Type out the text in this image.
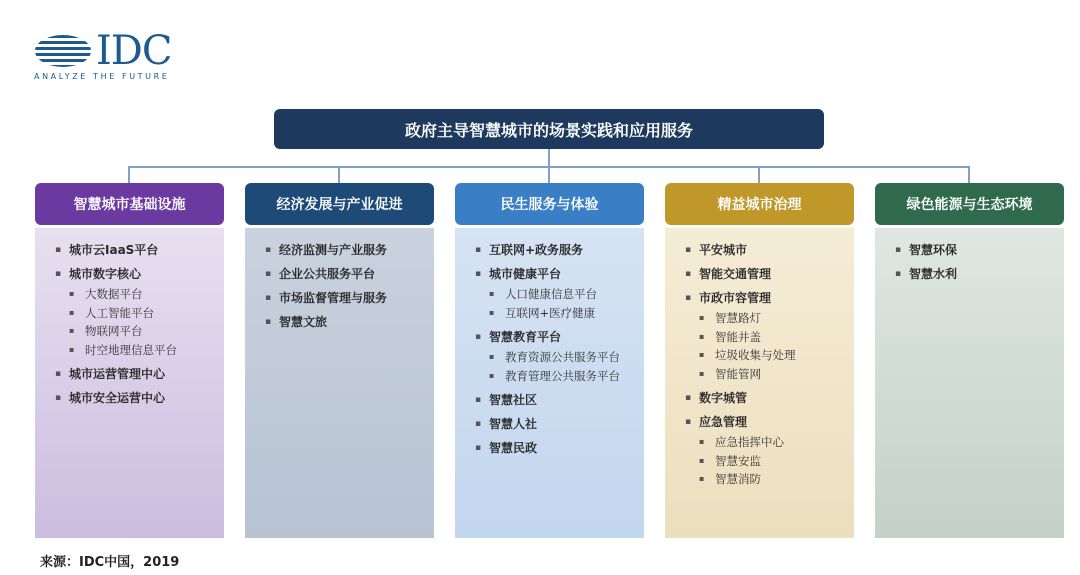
IDC
ANALYZE THE FUTURE
政府主导智慧城市的场景实践和应用服务
智慧城市基础设施
▪ 城市云IaaS平台
▪ 城市数字核心
▪ 大数据平台
▪ 人工智能平台
▪ 物联网平台
▪ 时空地理信息平台
▪ 城市运营管理中心
▪ 城市安全运营中心
经济发展与产业促进
▪ 经济监测与产业服务
▪ 企业公共服务平台
▪ 市场监督管理与服务
▪ 智慧文旅
民生服务与体验
▪ 互联网+政务服务
▪ 城市健康平台
▪ 人口健康信息平台
▪ 互联网+医疗健康
▪ 智慧教育平台
▪ 教育资源公共服务平台
▪ 教育管理公共服务平台
▪ 智慧社区
▪ 智慧人社
▪ 智慧民政
精益城市治理
▪ 平安城市
▪ 智能交通管理
▪ 市政市容管理
▪ 智慧路灯
▪ 智能井盖
▪ 垃圾收集与处理
▪ 智能管网
▪ 数字城管
▪ 应急管理
▪ 应急指挥中心
▪ 智慧安监
▪ 智慧消防
绿色能源与生态环境
▪ 智慧环保
▪ 智慧水利
来源：IDC中国，2019
